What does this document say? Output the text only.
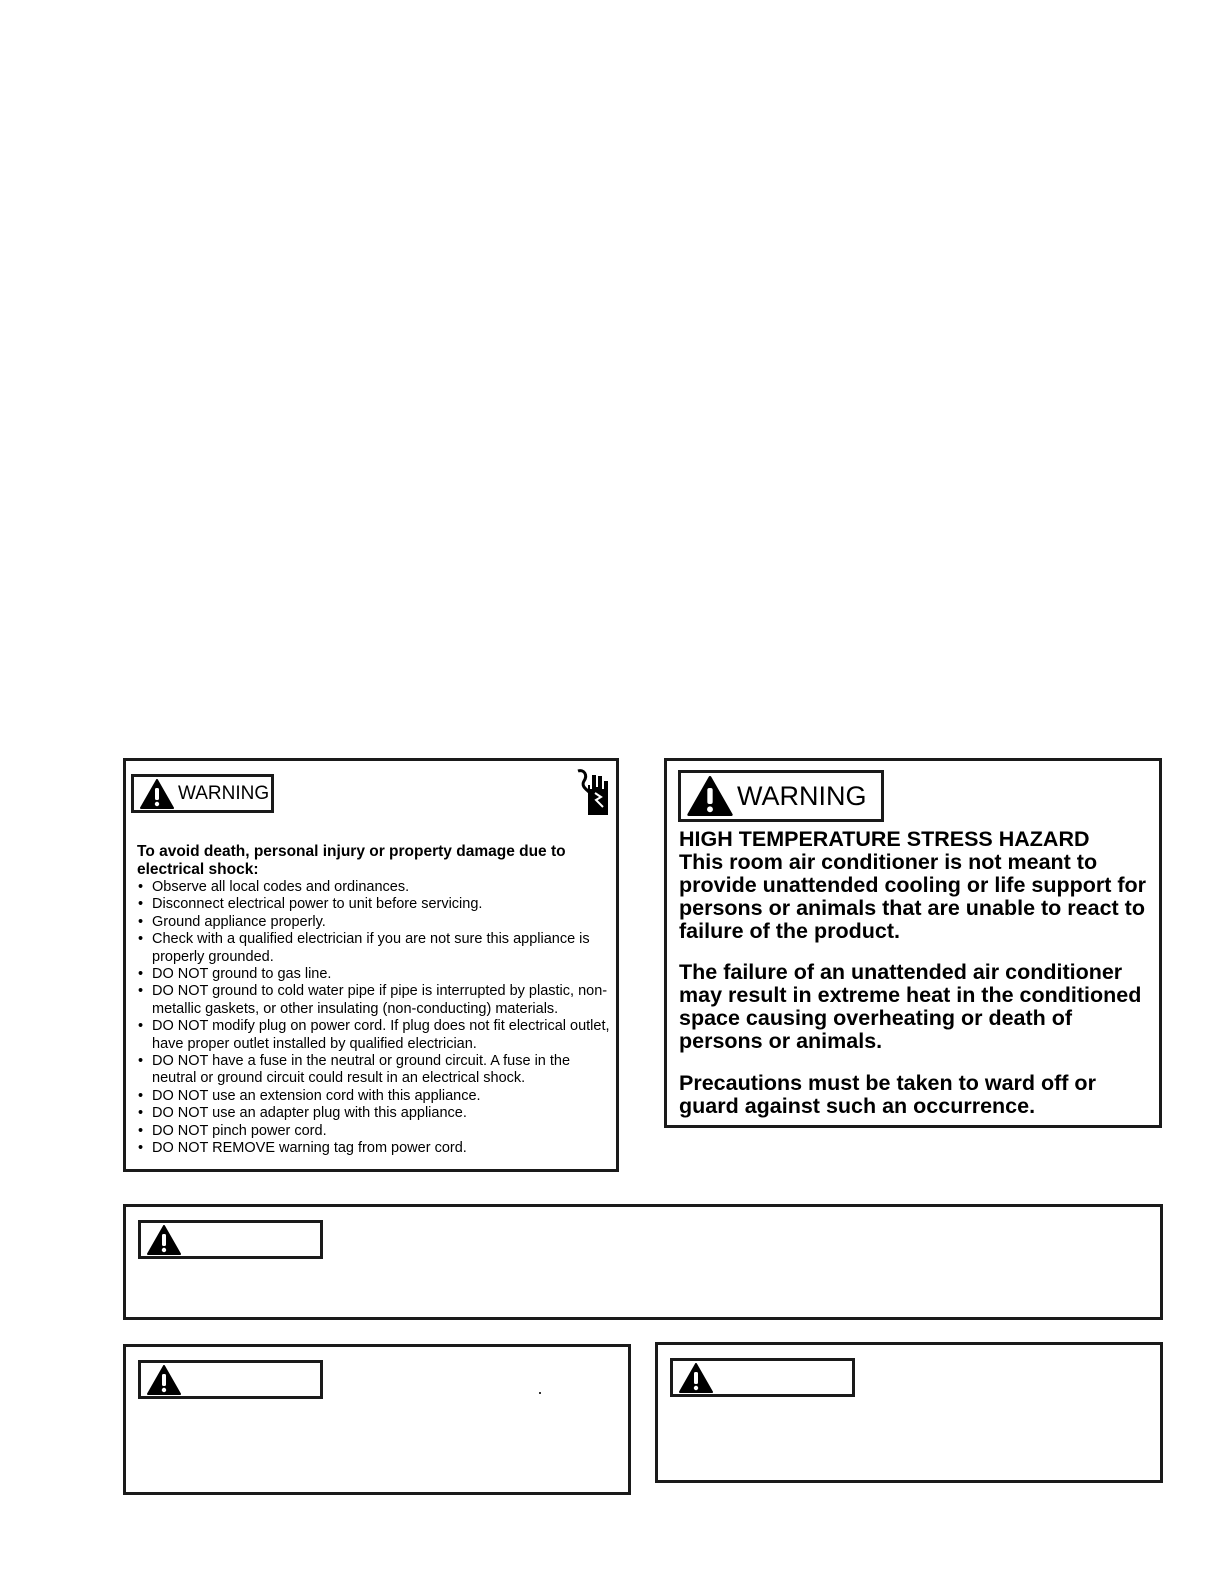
WARNING
To avoid death, personal injury or property damage due to electrical shock:
• Observe all local codes and ordinances.
• Disconnect electrical power to unit before servicing.
• Ground appliance properly.
• Check with a qualified electrician if you are not sure this appliance is properly grounded.
• DO NOT ground to gas line.
• DO NOT ground to cold water pipe if pipe is interrupted by plastic, non-metallic gaskets, or other insulating (non-conducting) materials.
• DO NOT modify plug on power cord. If plug does not fit electrical outlet, have proper outlet installed by qualified electrician.
• DO NOT have a fuse in the neutral or ground circuit. A fuse in the neutral or ground circuit could result in an electrical shock.
• DO NOT use an extension cord with this appliance.
• DO NOT use an adapter plug with this appliance.
• DO NOT pinch power cord.
• DO NOT REMOVE warning tag from power cord.
WARNING
HIGH TEMPERATURE STRESS HAZARD
This room air conditioner is not meant to provide unattended cooling or life support for persons or animals that are unable to react to failure of the product.
The failure of an unattended air conditioner may result in extreme heat in the conditioned space causing overheating or death of persons or animals.
Precautions must be taken to ward off or guard against such an occurrence.
